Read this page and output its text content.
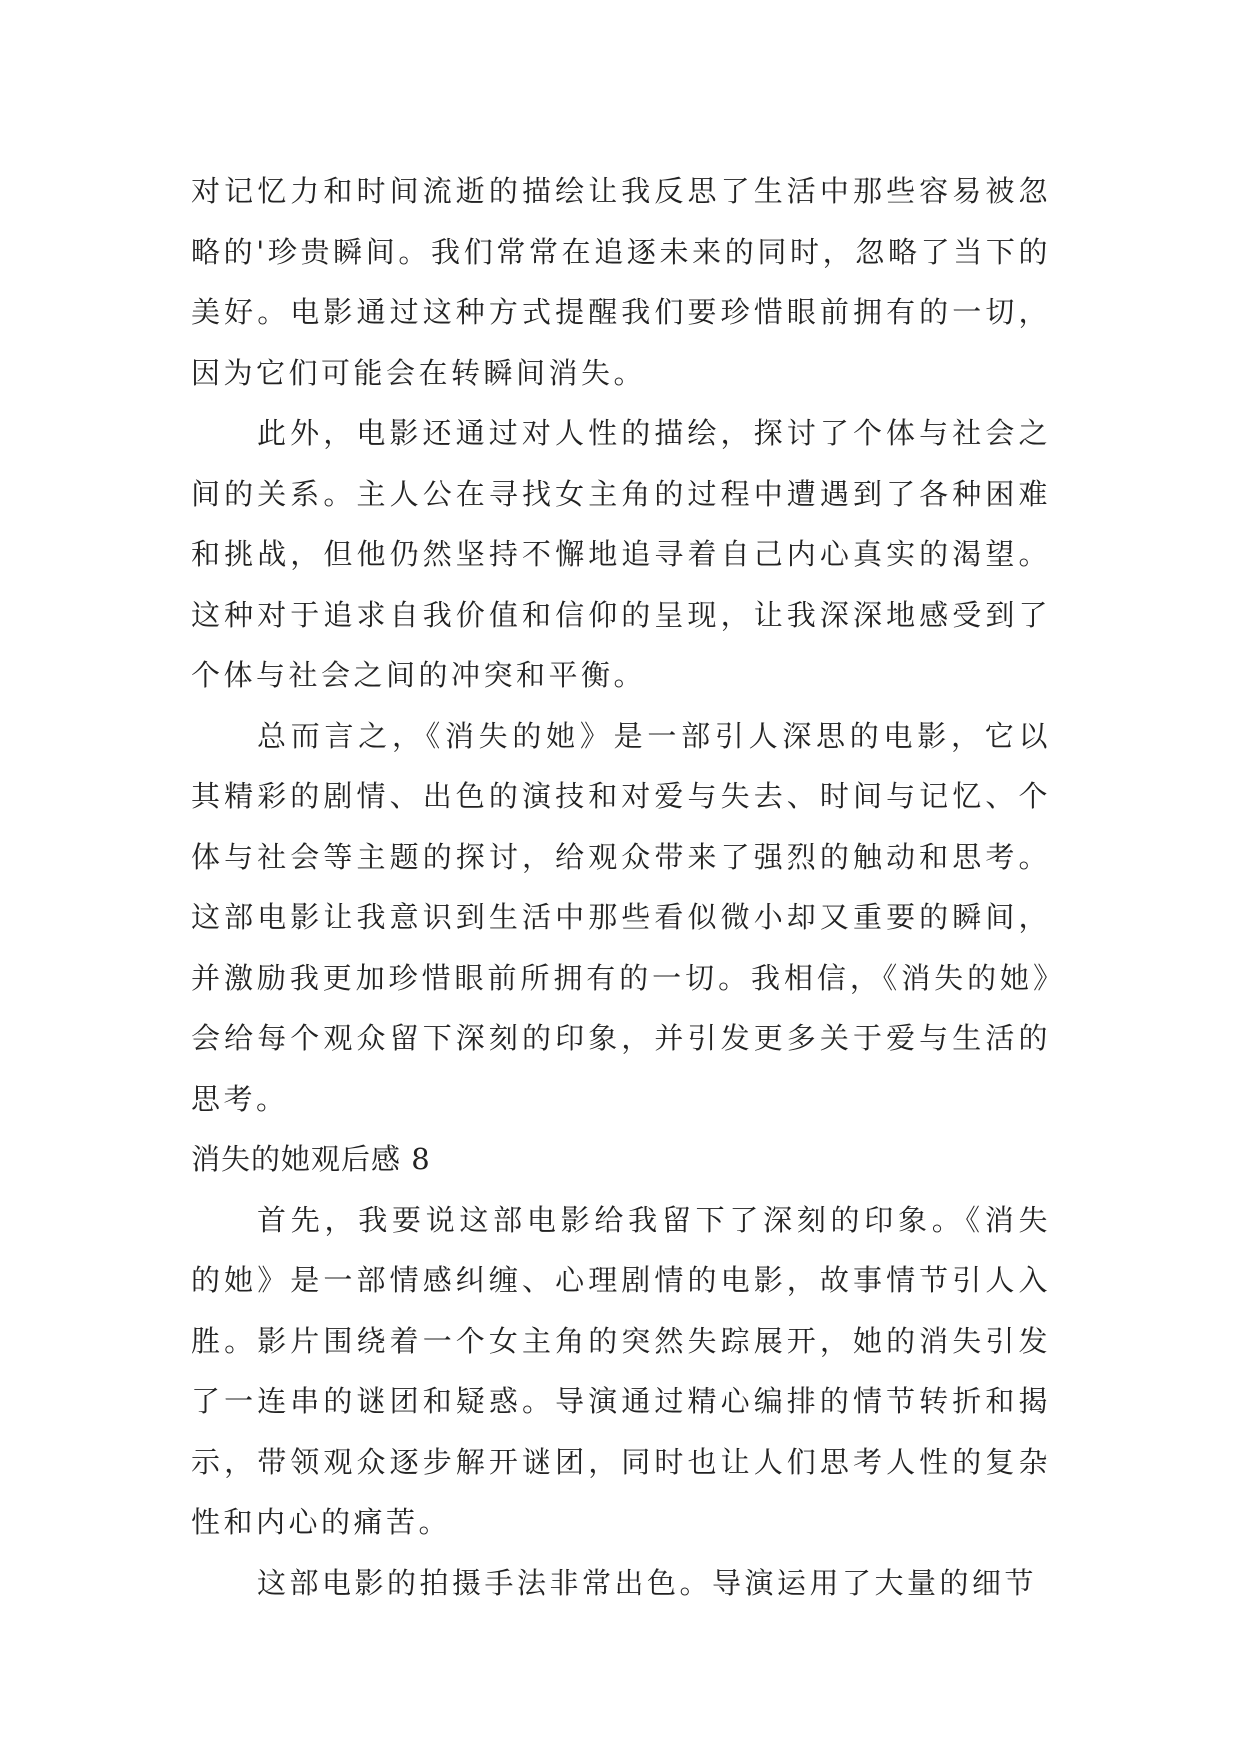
对记忆力和时间流逝的描绘让我反思了生活中那些容易被忽略的'珍贵瞬间。我们常常在追逐未来的同时，忽略了当下的美好。电影通过这种方式提醒我们要珍惜眼前拥有的一切，因为它们可能会在转瞬间消失。

此外，电影还通过对人性的描绘，探讨了个体与社会之间的关系。主人公在寻找女主角的过程中遭遇到了各种困难和挑战，但他仍然坚持不懈地追寻着自己内心真实的渴望。这种对于追求自我价值和信仰的呈现，让我深深地感受到了个体与社会之间的冲突和平衡。

总而言之，《消失的她》是一部引人深思的电影，它以其精彩的剧情、出色的演技和对爱与失去、时间与记忆、个体与社会等主题的探讨，给观众带来了强烈的触动和思考。这部电影让我意识到生活中那些看似微小却又重要的瞬间，并激励我更加珍惜眼前所拥有的一切。我相信，《消失的她》会给每个观众留下深刻的印象，并引发更多关于爱与生活的思考。

消失的她观后感 8

首先，我要说这部电影给我留下了深刻的印象。《消失的她》是一部情感纠缠、心理剧情的电影，故事情节引人入胜。影片围绕着一个女主角的突然失踪展开，她的消失引发了一连串的谜团和疑惑。导演通过精心编排的情节转折和揭示，带领观众逐步解开谜团，同时也让人们思考人性的复杂性和内心的痛苦。

这部电影的拍摄手法非常出色。导演运用了大量的细节
